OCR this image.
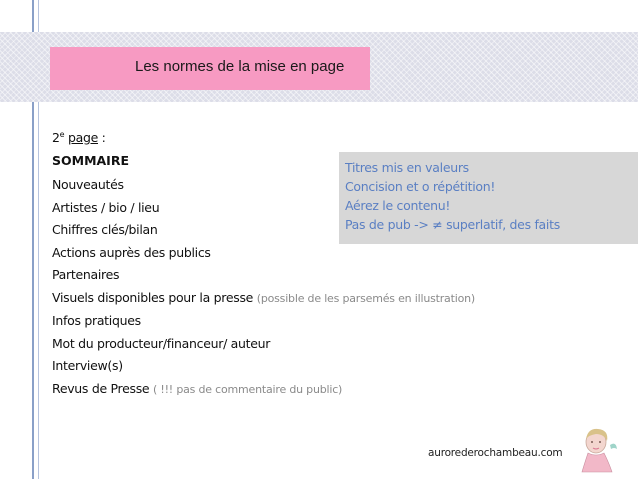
Les normes de la mise en page
2e page :
SOMMAIRE
Nouveautés
Artistes / bio / lieu
Chiffres clés/bilan
Actions auprès des publics
Partenaires
Visuels disponibles pour la presse (possible de les parsemés en illustration)
Infos pratiques
Mot du producteur/financeur/ auteur
Interview(s)
Revus de Presse ( !!! pas de commentaire du public)
Titres mis en valeurs
Concision et o répétition!
Aérez le contenu!
Pas de pub -> ≠ superlatif, des faits
aurorederochambeau.com
